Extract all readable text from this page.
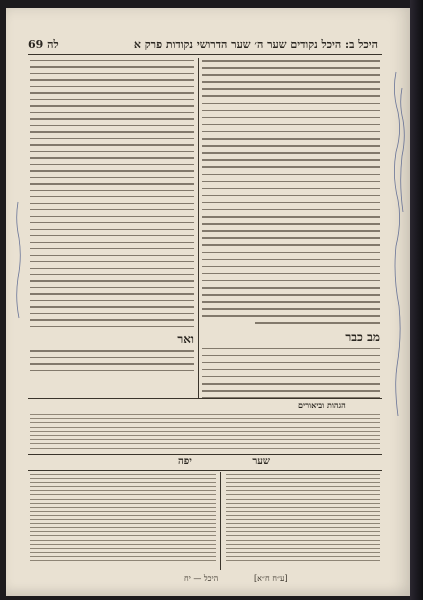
היכל ב: היכל נקודים שער ה׳ שער הדרושי נקודות פרק א
לה 69
מב כבר
ואר
הגהות וביאורים
שער
יפה
היכל — יח	[ע״ח ח״א]
